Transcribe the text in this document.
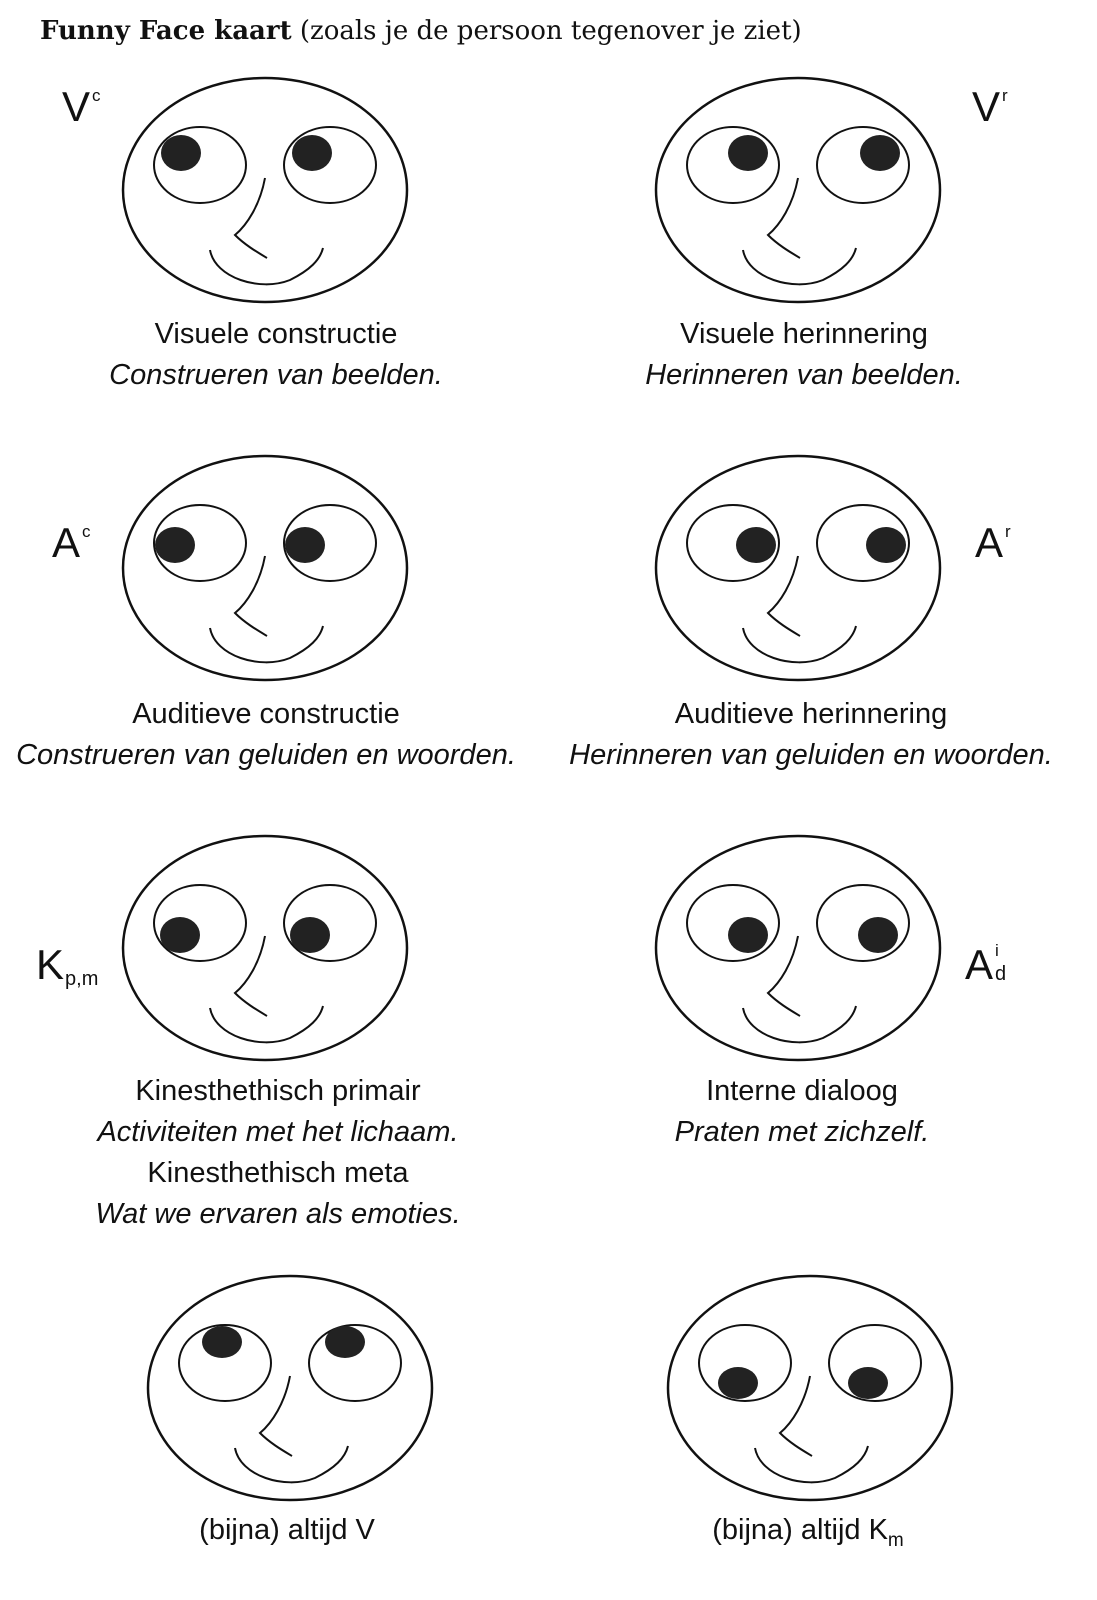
Funny Face kaart (zoals je de persoon tegenover je ziet)
V $^c$
Visuele constructie
Construeren van beelden.
V $^r$
Visuele herinnering
Herinneren van beelden.
A $^c$
Auditieve constructie
Construeren van geluiden en woorden.
A $^r$
Auditieve herinnering
Herinneren van geluiden en woorden.
$K_{p,m}$
Kinesthethisch primair
Activiteiten met het lichaam.
Kinesthethisch meta
Wat we ervaren als emoties.
A i
d
Interne dialoog
Praten met zichzelf.
(bijna) altijd V	(bijna) altijd $K_m$
